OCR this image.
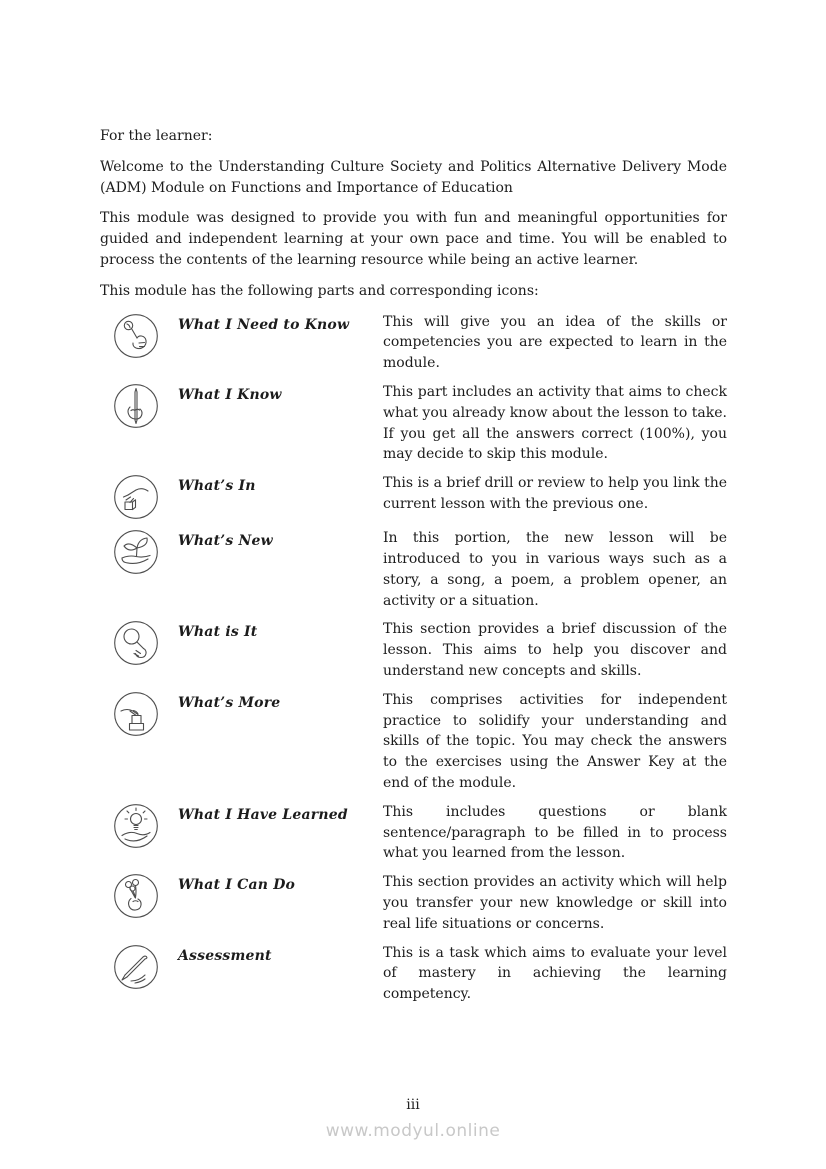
For the learner:

Welcome to the Understanding Culture Society and Politics Alternative Delivery Mode (ADM) Module on Functions and Importance of Education

This module was designed to provide you with fun and meaningful opportunities for guided and independent learning at your own pace and time. You will be enabled to process the contents of the learning resource while being an active learner.

This module has the following parts and corresponding icons:

What I Need to Know	This will give you an idea of the skills or competencies you are expected to learn in the module.
What I Know	This part includes an activity that aims to check what you already know about the lesson to take. If you get all the answers correct (100%), you may decide to skip this module.
What’s In	This is a brief drill or review to help you link the current lesson with the previous one.
What’s New	In this portion, the new lesson will be introduced to you in various ways such as a story, a song, a poem, a problem opener, an activity or a situation.
What is It	This section provides a brief discussion of the lesson. This aims to help you discover and understand new concepts and skills.
What’s More	This comprises activities for independent practice to solidify your understanding and skills of the topic. You may check the answers to the exercises using the Answer Key at the end of the module.
What I Have Learned	This includes questions or blank sentence/paragraph to be filled in to process what you learned from the lesson.
What I Can Do	This section provides an activity which will help you transfer your new knowledge or skill into real life situations or concerns.
Assessment	This is a task which aims to evaluate your level of mastery in achieving the learning competency.
iii
www.modyul.online
